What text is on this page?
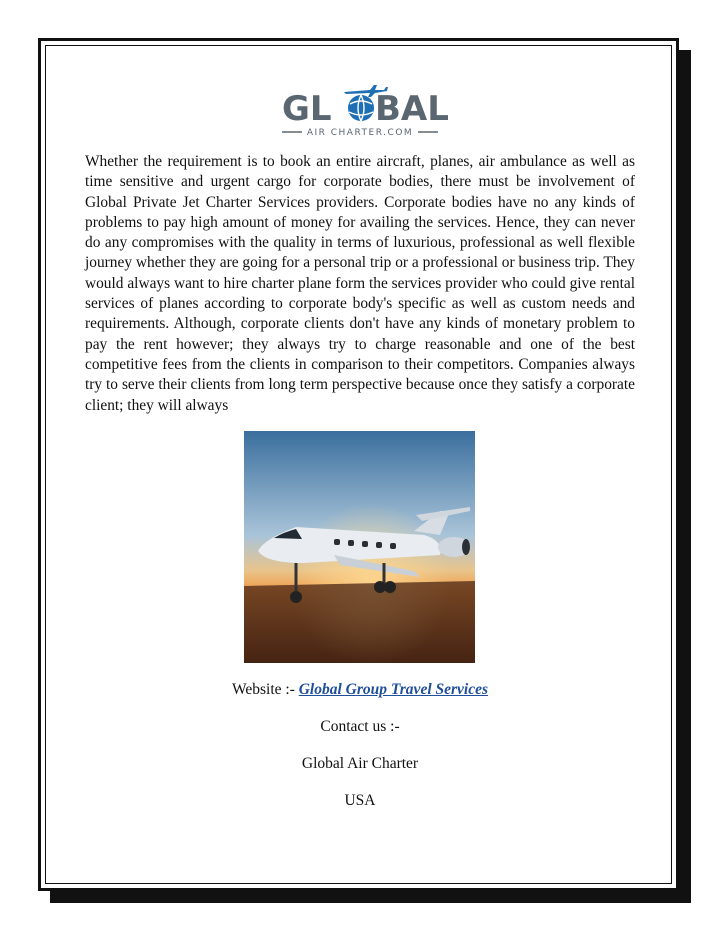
GL BAL
AIR CHARTER.COM

Whether the requirement is to book an entire aircraft, planes, air ambulance as well as time sensitive and urgent cargo for corporate bodies, there must be involvement of Global Private Jet Charter Services providers. Corporate bodies have no any kinds of problems to pay high amount of money for availing the services. Hence, they can never do any compromises with the quality in terms of luxurious, professional as well flexible journey whether they are going for a personal trip or a professional or business trip. They would always want to hire charter plane form the services provider who could give rental services of planes according to corporate body's specific as well as custom needs and requirements. Although, corporate clients don't have any kinds of monetary problem to pay the rent however; they always try to charge reasonable and one of the best competitive fees from the clients in comparison to their competitors. Companies always try to serve their clients from long term perspective because once they satisfy a corporate client; they will always

Website :- Global Group Travel Services
Contact us :-
Global Air Charter
USA
